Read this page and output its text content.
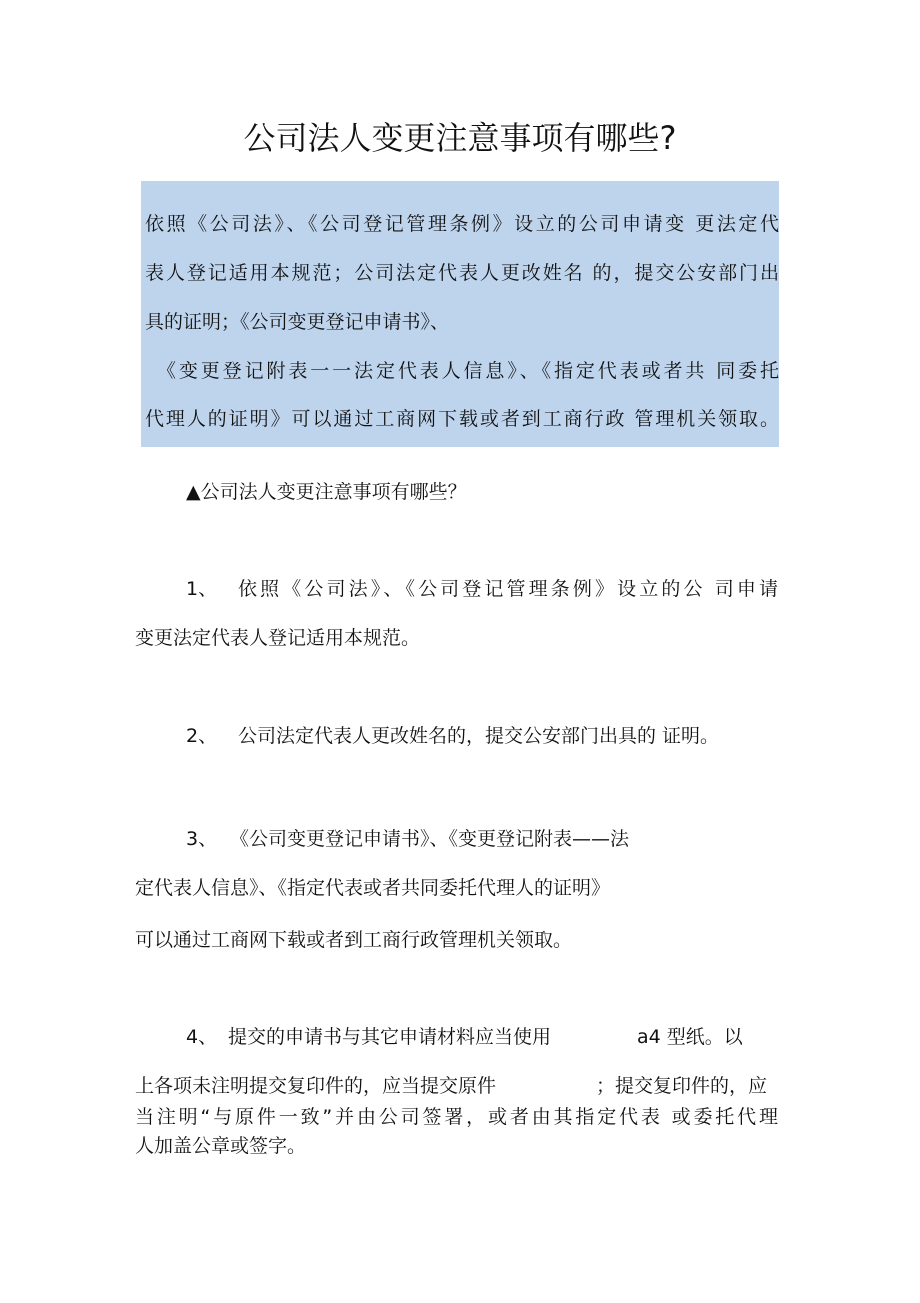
公司法人变更注意事项有哪些?
依照《公司法》、《公司登记管理条例》设立的公司申请变 更法定代
表人登记适用本规范；公司法定代表人更改姓名 的，提交公安部门出
具的证明；《公司变更登记申请书》、
《变更登记附表一一法定代表人信息》、《指定代表或者共 同委托
代理人的证明》可以通过工商网下载或者到工商行政 管理机关领取。
▲公司法人变更注意事项有哪些？
1、 依照《公司法》、《公司登记管理条例》设立的公 司申请
变更法定代表人登记适用本规范。
2、 公司法定代表人更改姓名的，提交公安部门出具的 证明。
3、 《公司变更登记申请书》、《变更登记附表——法
定代表人信息》、《指定代表或者共同委托代理人的证明》
可以通过工商网下载或者到工商行政管理机关领取。
4、 提交的申请书与其它申请材料应当使用	a4 型纸。以
上各项未注明提交复印件的，应当提交原件	；提交复印件的，应
当注明“与原件一致”并由公司签署，或者由其指定代表 或委托代理
人加盖公章或签字。
